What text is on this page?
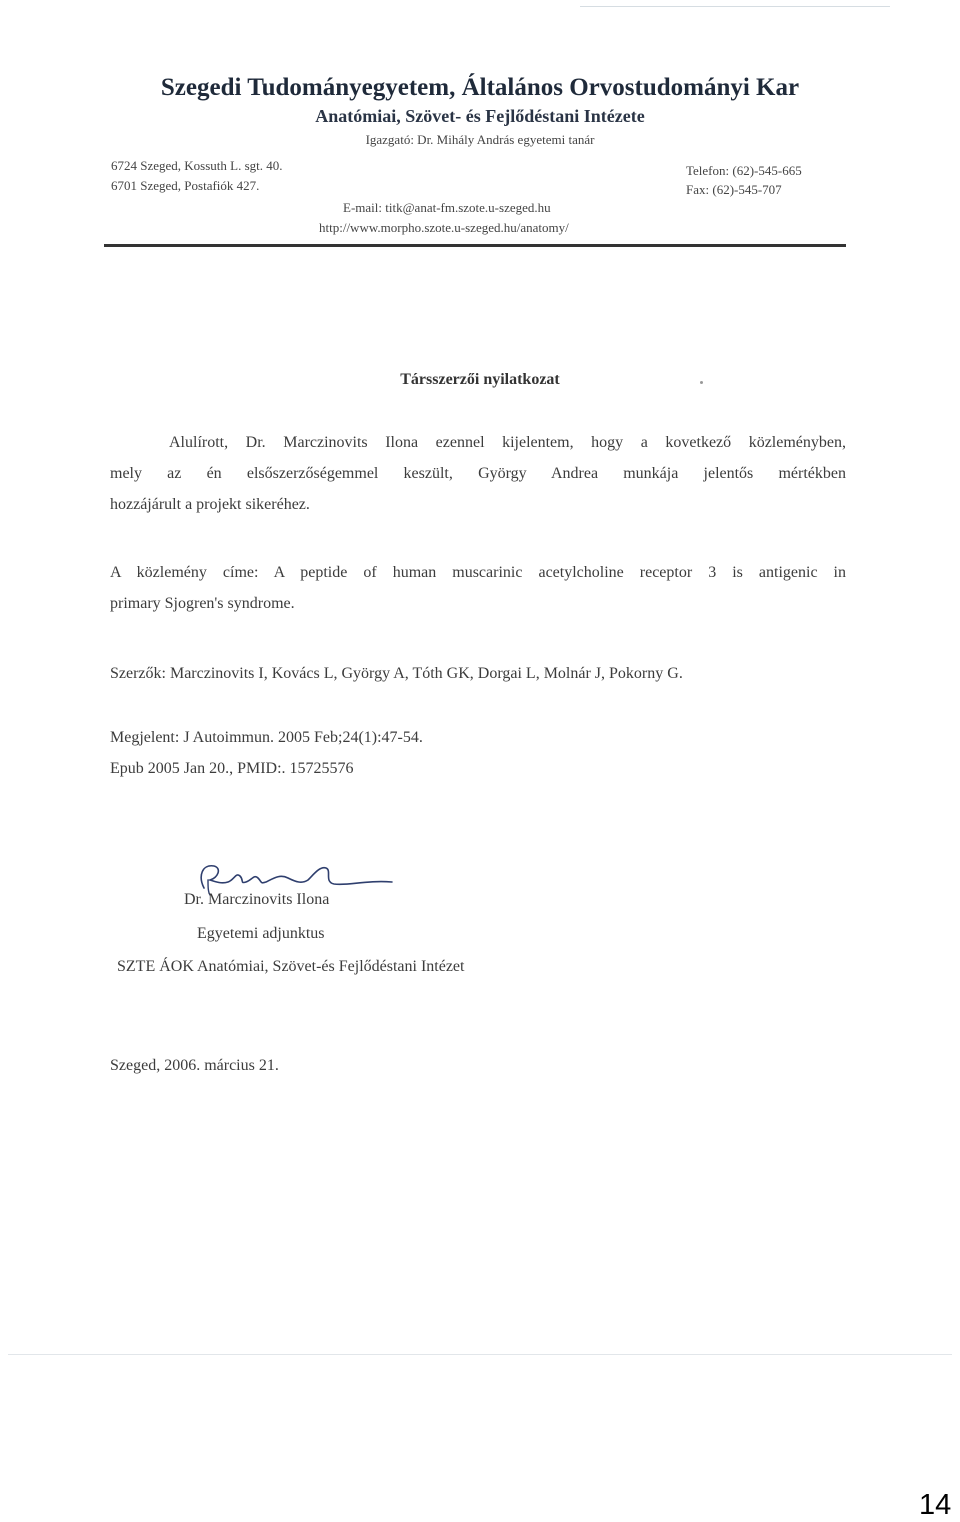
Szegedi Tudományegyetem, Általános Orvostudományi Kar
Anatómiai, Szövet- és Fejlődéstani Intézete
Igazgató: Dr. Mihály András egyetemi tanár
6724 Szeged, Kossuth L. sgt. 40.
6701 Szeged, Postafiók 427.
Telefon: (62)-545-665
Fax: (62)-545-707
E-mail: titk@anat-fm.szote.u-szeged.hu
http://www.morpho.szote.u-szeged.hu/anatomy/
Társszerzői nyilatkozat
Alulírott, Dr. Marczinovits Ilona ezennel kijelentem, hogy a kovetkező közleményben,
mely az én elsőszerzőségemmel keszült, György Andrea munkája jelentős mértékben
hozzájárult a projekt sikeréhez.
A közlemény címe: A peptide of human muscarinic acetylcholine receptor 3 is antigenic in
primary Sjogren's syndrome.
Szerzők: Marczinovits I, Kovács L, György A, Tóth GK, Dorgai L, Molnár J, Pokorny G.
Megjelent: J Autoimmun. 2005 Feb;24(1):47-54.
Epub 2005 Jan 20., PMID:. 15725576
Dr. Marczinovits Ilona
Egyetemi adjunktus
SZTE ÁOK Anatómiai, Szövet-és Fejlődéstani Intézet
Szeged, 2006. március 21.
14
